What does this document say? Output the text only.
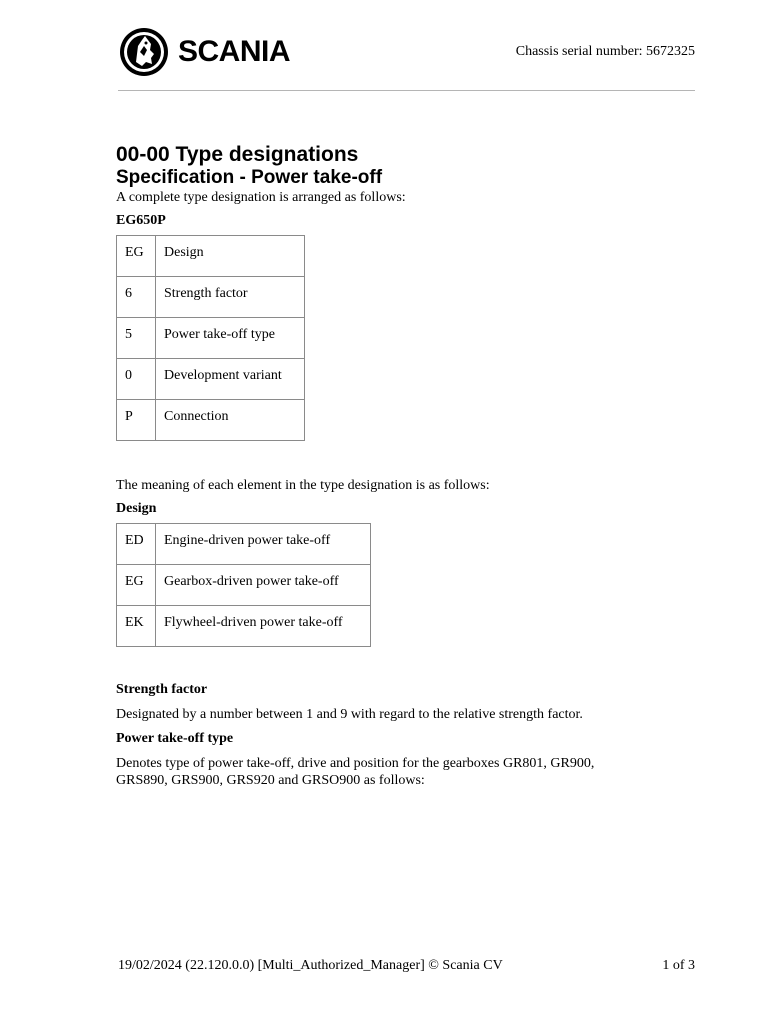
SCANIA	Chassis serial number: 5672325
00-00 Type designations
Specification - Power take-off

A complete type designation is arranged as follows:

EG650P

EG	Design
6	Strength factor
5	Power take-off type
0	Development variant
P	Connection

The meaning of each element in the type designation is as follows:

Design

ED	Engine-driven power take-off
EG	Gearbox-driven power take-off
EK	Flywheel-driven power take-off

Strength factor

Designated by a number between 1 and 9 with regard to the relative strength factor.

Power take-off type

Denotes type of power take-off, drive and position for the gearboxes GR801, GR900,

GRS890, GRS900, GRS920 and GRSO900 as follows:

19/02/2024 (22.120.0.0) [Multi_Authorized_Manager] © Scania CV	1 of 3
